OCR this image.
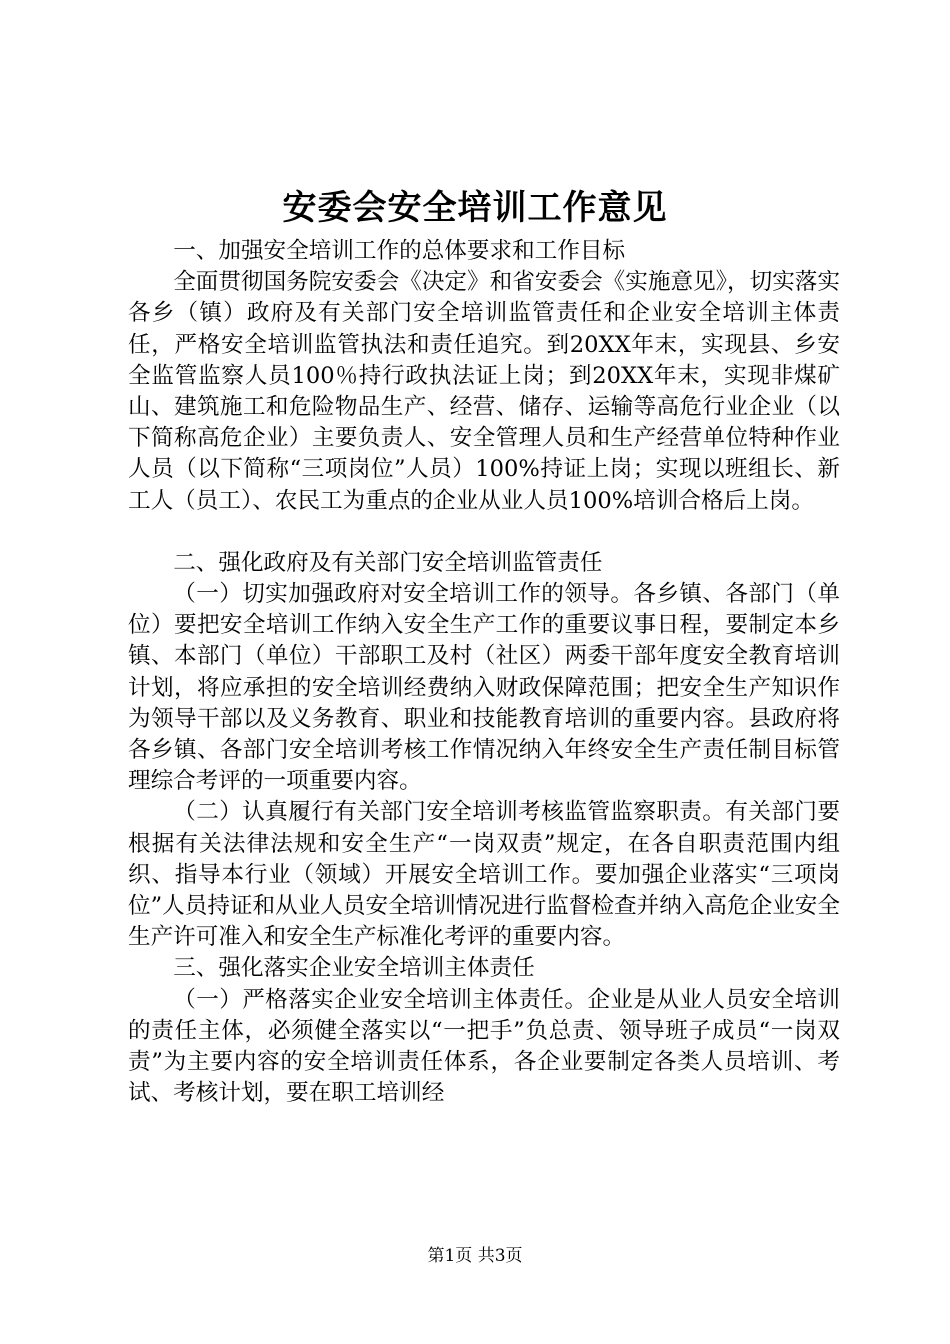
安委会安全培训工作意见

一、加强安全培训工作的总体要求和工作目标

全面贯彻国务院安委会《决定》和省安委会《实施意见》，切实落实各乡（镇）政府及有关部门安全培训监管责任和企业安全培训主体责任，严格安全培训监管执法和责任追究。到20XX年末，实现县、乡安全监管监察人员100％持行政执法证上岗；到20XX年末，实现非煤矿山、建筑施工和危险物品生产、经营、储存、运输等高危行业企业（以下简称高危企业）主要负责人、安全管理人员和生产经营单位特种作业人员（以下简称“三项岗位”人员）100%持证上岗；实现以班组长、新工人（员工）、农民工为重点的企业从业人员100%培训合格后上岗。

二、强化政府及有关部门安全培训监管责任

（一）切实加强政府对安全培训工作的领导。各乡镇、各部门（单位）要把安全培训工作纳入安全生产工作的重要议事日程，要制定本乡镇、本部门（单位）干部职工及村（社区）两委干部年度安全教育培训计划，将应承担的安全培训经费纳入财政保障范围；把安全生产知识作为领导干部以及义务教育、职业和技能教育培训的重要内容。县政府将各乡镇、各部门安全培训考核工作情况纳入年终安全生产责任制目标管理综合考评的一项重要内容。

（二）认真履行有关部门安全培训考核监管监察职责。有关部门要根据有关法律法规和安全生产“一岗双责”规定，在各自职责范围内组织、指导本行业（领域）开展安全培训工作。要加强企业落实“三项岗位”人员持证和从业人员安全培训情况进行监督检查并纳入高危企业安全生产许可准入和安全生产标准化考评的重要内容。

三、强化落实企业安全培训主体责任

（一）严格落实企业安全培训主体责任。企业是从业人员安全培训的责任主体，必须健全落实以“一把手”负总责、领导班子成员“一岗双责”为主要内容的安全培训责任体系，各企业要制定各类人员培训、考试、考核计划，要在职工培训经

第1页 共3页
